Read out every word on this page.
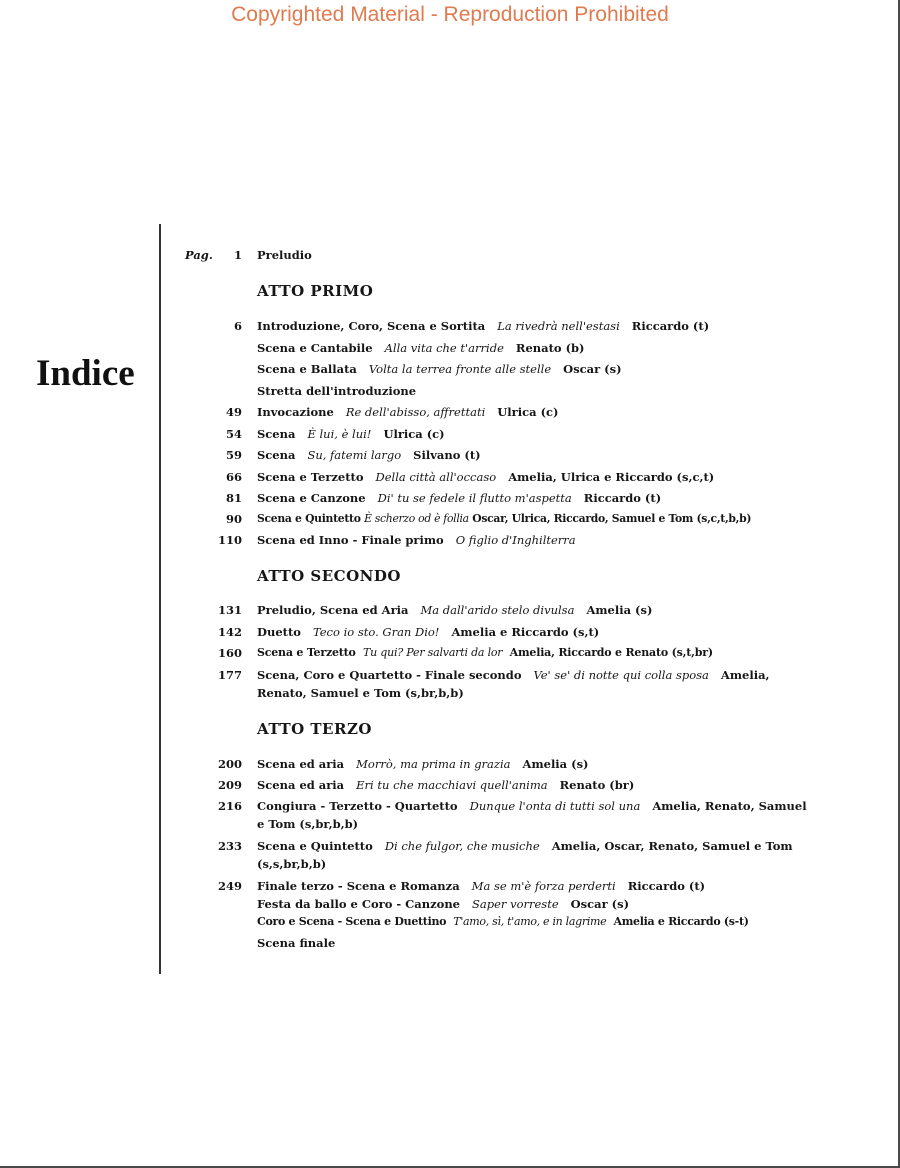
Copyrighted Material - Reproduction Prohibited
Indice
Pag.	1 Preludio
ATTO PRIMO
6 Introduzione, Coro, Scena e Sortita La rivedrà nell'estasi Riccardo (t)
Scena e Cantabile Alla vita che t'arride Renato (b)
Scena e Ballata Volta la terrea fronte alle stelle Oscar (s)
Stretta dell'introduzione
49 Invocazione Re dell'abisso, affrettati Ulrica (c)
54 Scena È lui, è lui! Ulrica (c)
59 Scena Su, fatemi largo Silvano (t)
66 Scena e Terzetto Della città all'occaso Amelia, Ulrica e Riccardo (s,c,t)
81 Scena e Canzone Di' tu se fedele il flutto m'aspetta Riccardo (t)
90 Scena e Quintetto È scherzo od è follia Oscar, Ulrica, Riccardo, Samuel e Tom (s,c,t,b,b)
110 Scena ed Inno - Finale primo O figlio d'Inghilterra
ATTO SECONDO
131 Preludio, Scena ed Aria Ma dall'arido stelo divulsa Amelia (s)
142 Duetto Teco io sto. Gran Dio! Amelia e Riccardo (s,t)
160 Scena e Terzetto Tu qui? Per salvarti da lor Amelia, Riccardo e Renato (s,t,br)
177 Scena, Coro e Quartetto - Finale secondo Ve' se' di notte qui colla sposa Amelia, Renato, Samuel e Tom (s,br,b,b)
ATTO TERZO
200 Scena ed aria Morrò, ma prima in grazia Amelia (s)
209 Scena ed aria Eri tu che macchiavi quell'anima Renato (br)
216 Congiura - Terzetto - Quartetto Dunque l'onta di tutti sol una Amelia, Renato, Samuel e Tom (s,br,b,b)
233 Scena e Quintetto Di che fulgor, che musiche Amelia, Oscar, Renato, Samuel e Tom (s,s,br,b,b)
249 Finale terzo - Scena e Romanza Ma se m'è forza perderti Riccardo (t)
Festa da ballo e Coro - Canzone Saper vorreste Oscar (s)
Coro e Scena - Scena e Duettino T'amo, sì, t'amo, e in lagrime Amelia e Riccardo (s-t)
Scena finale
